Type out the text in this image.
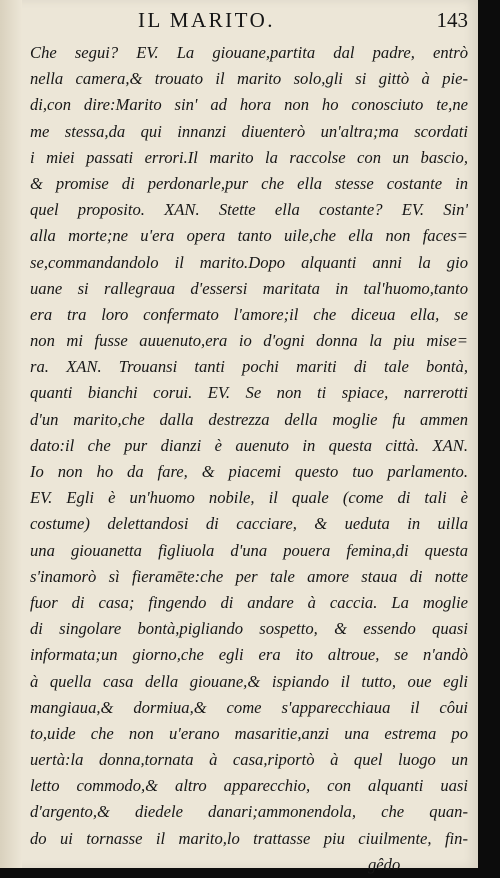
IL MARITO.	143
Che segui? EV. La giouane,partita dal padre, entrò
nella camera,& trouato il marito solo,gli si gittò à pie-
di,con dire:Marito sin' ad hora non ho conosciuto te,ne
me stessa,da qui innanzi diuenterò un'altra;ma scordati
i miei passati errori.Il marito la raccolse con un bascio,
& promise di perdonarle,pur che ella stesse costante in
quel proposito. XAN. Stette ella costante? EV. Sin'
alla morte;ne u'era opera tanto uile,che ella non faces=
se,commandandolo il marito.Dopo alquanti anni la gio
uane si rallegraua d'essersi maritata in tal'huomo,tanto
era tra loro confermato l'amore;il che diceua ella, se
non mi fusse auuenuto,era io d'ogni donna la piu mise=
ra. XAN. Trouansi tanti pochi mariti di tale bontà,
quanti bianchi corui. EV. Se non ti spiace, narrerotti
d'un marito,che dalla destrezza della moglie fu ammen
dato:il che pur dianzi è auenuto in questa città. XAN.
Io non ho da fare, & piacemi questo tuo parlamento.
EV. Egli è un'huomo nobile, il quale (come di tali è
costume) delettandosi di cacciare, & ueduta in uilla
una giouanetta figliuola d'una pouera femina,di questa
s'inamorò sì fieramēte:che per tale amore staua di notte
fuor di casa; fingendo di andare à caccia. La moglie
di singolare bontà,pigliando sospetto, & essendo quasi
informata;un giorno,che egli era ito altroue, se n'andò
à quella casa della giouane,& ispiando il tutto, oue egli
mangiaua,& dormiua,& come s'apparecchiaua il côui
to,uide che non u'erano masaritie,anzi una estrema po
uertà:la donna,tornata à casa,riportò à quel luogo un
letto commodo,& altro apparecchio, con alquanti uasi
d'argento,& diedele danari;ammonendola, che quan-
do ui tornasse il marito,lo trattasse piu ciuilmente, fin-
gêdo
